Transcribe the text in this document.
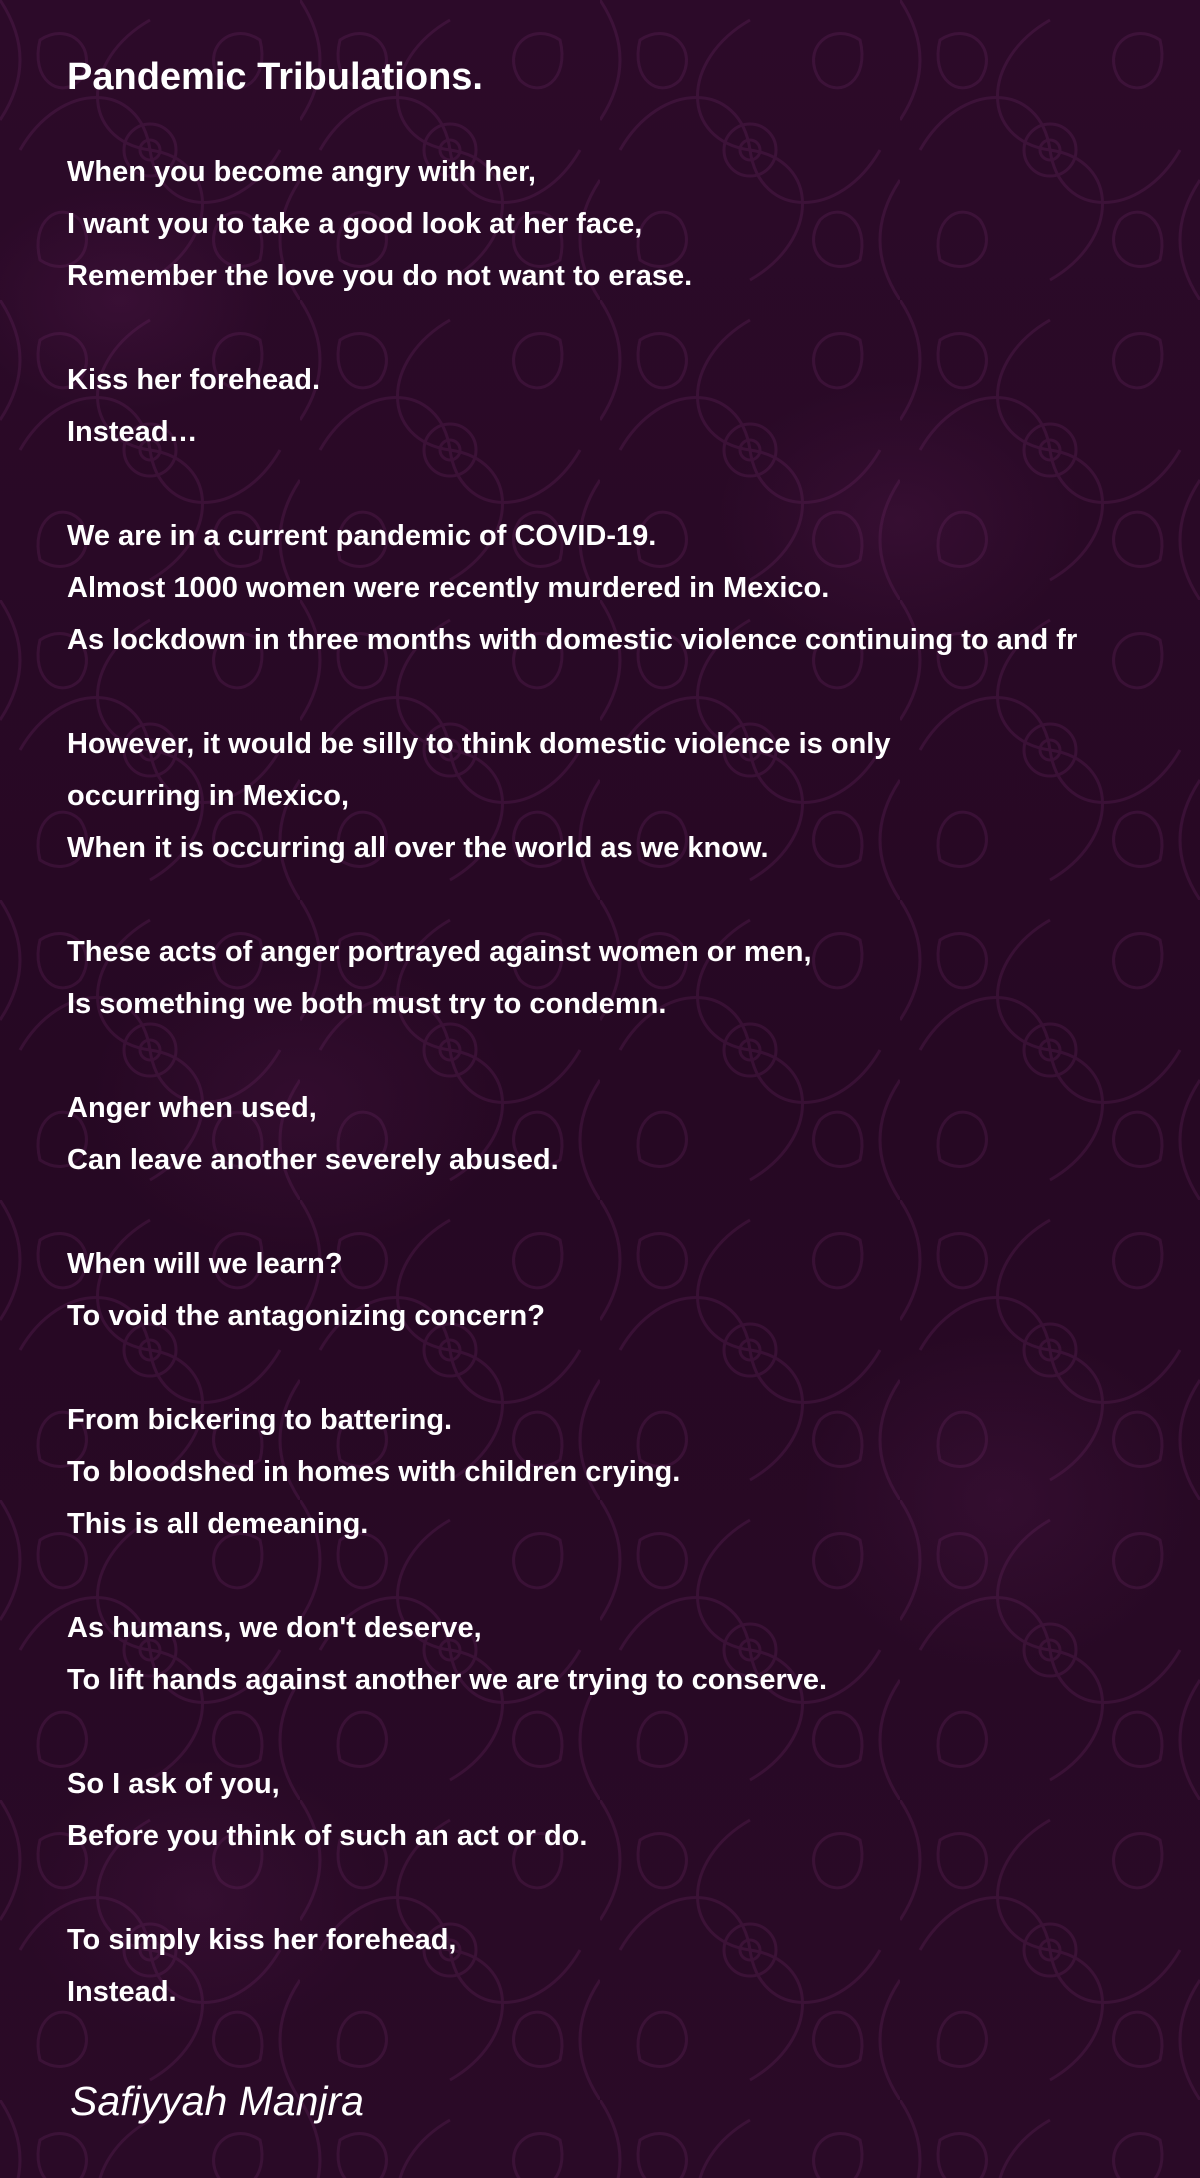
Pandemic Tribulations.
When you become angry with her,
I want you to take a good look at her face,
Remember the love you do not want to erase.
Kiss her forehead.
Instead…
We are in a current pandemic of COVID-19.
Almost 1000 women were recently murdered in Mexico.
As lockdown in three months with domestic violence continuing to and fr
However, it would be silly to think domestic violence is only
occurring in Mexico,
When it is occurring all over the world as we know.
These acts of anger portrayed against women or men,
Is something we both must try to condemn.
Anger when used,
Can leave another severely abused.
When will we learn?
To void the antagonizing concern?
From bickering to battering.
To bloodshed in homes with children crying.
This is all demeaning.
As humans, we don't deserve,
To lift hands against another we are trying to conserve.
So I ask of you,
Before you think of such an act or do.
To simply kiss her forehead,
Instead.
Safiyyah Manjra
